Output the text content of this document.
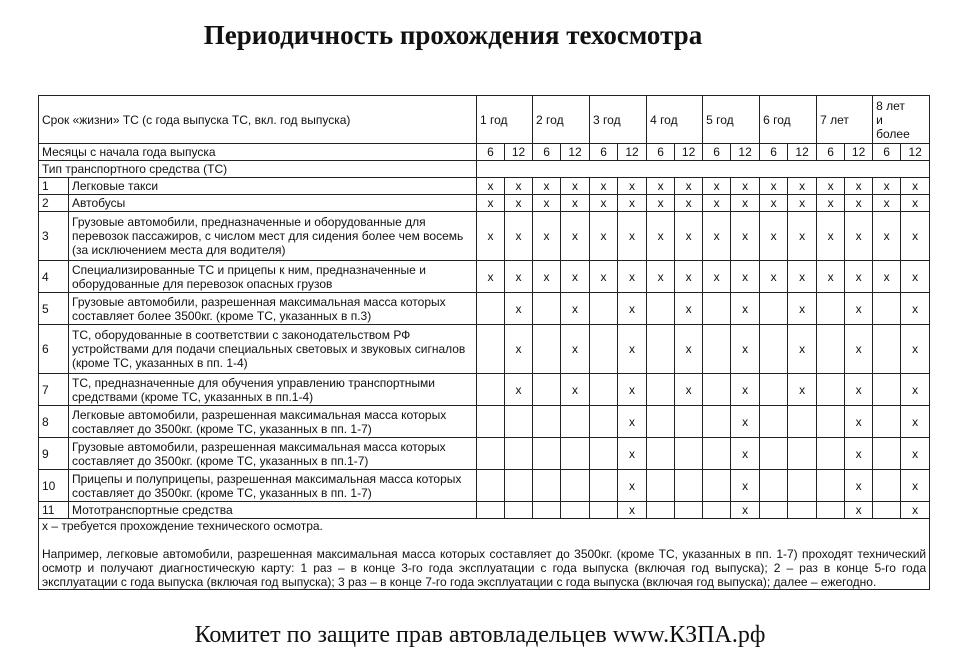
Периодичность прохождения техосмотра
Срок «жизни» ТС (с года выпуска ТС, вкл. год выпуска)		1 год		2 год		3 год		4 год		5 год		6 год		7 лет		8 лет
и
более	
Месяцы с начала года выпуска		6	12	6	12	6	12	6	12	6	12	6	12	6	12	6	12
Тип транспортного средства (ТС)																	
1	Легковые такси	х	х	х	х	х	х	х	х	х	х	х	х	х	х	х	х
2	Автобусы	х	х	х	х	х	х	х	х	х	х	х	х	х	х	х	х
3	Грузовые автомобили, предназначенные и оборудованные для перевозок пассажиров, с числом мест для сидения более чем восемь (за исключением места для водителя)	х	х	х	х	х	х	х	х	х	х	х	х	х	х	х	х
4	Специализированные ТС и прицепы к ним, предназначенные и оборудованные для перевозок опасных грузов	х	х	х	х	х	х	х	х	х	х	х	х	х	х	х	х
5	Грузовые автомобили, разрешенная максимальная масса которых составляет более 3500кг. (кроме ТС, указанных в п.3)		х		х		х		х		х		х		х		х
6	ТС, оборудованные в соответствии с законодательством РФ устройствами для подачи специальных световых и звуковых сигналов (кроме ТС, указанных в пп. 1-4)		х		х		х		х		х		х		х		х
7	ТС, предназначенные для обучения управлению транспортными средствами (кроме ТС, указанных в пп.1-4)		х		х		х		х		х		х		х		х
8	Легковые автомобили, разрешенная максимальная масса которых составляет до 3500кг. (кроме ТС, указанных в пп. 1-7)						х				х				х		х
9	Грузовые автомобили, разрешенная максимальная масса которых составляет до 3500кг. (кроме ТС, указанных в пп.1-7)						х				х				х		х
10	Прицепы и полуприцепы, разрешенная максимальная масса которых составляет до 3500кг. (кроме ТС, указанных в пп. 1-7)						х				х				х		х
11	Мототранспортные средства						х				х				х		х

х – требуется прохождение технического осмотра.
Например, легковые автомобили, разрешенная максимальная масса которых составляет до 3500кг. (кроме ТС, указанных в пп. 1-7) проходят технический осмотр и получают диагностическую карту: 1 раз – в конце 3-го года эксплуатации с года выпуска (включая год выпуска); 2 – раз в конце 5-го года эксплуатации с года выпуска (включая год выпуска); 3 раз – в конце 7-го года эксплуатации с года выпуска (включая год выпуска); далее – ежегодно.																	
Комитет по защите прав автовладельцев www.КЗПА.рф
